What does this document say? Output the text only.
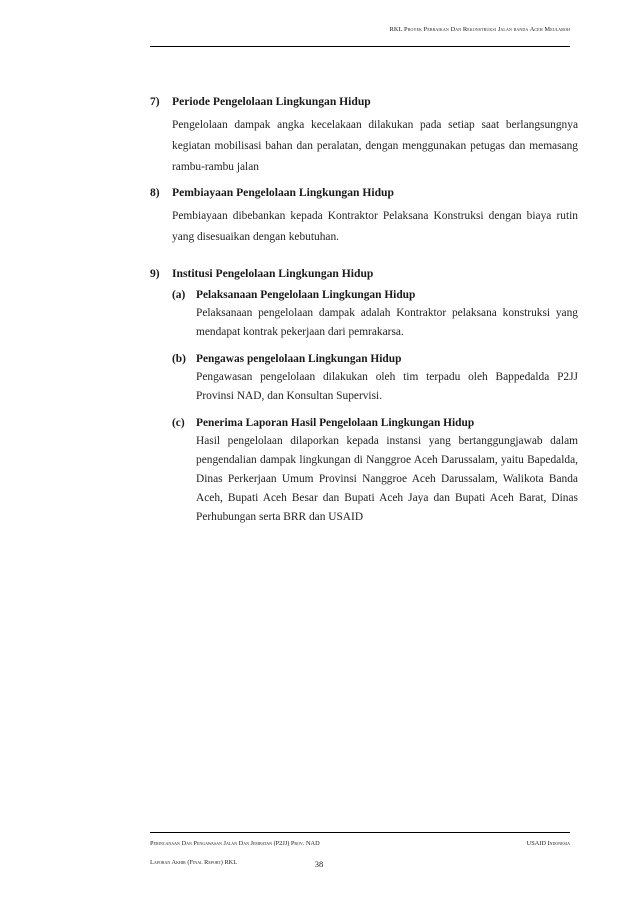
RKL Proyek Perbaikan Dan Rekonstruksi Jalan banda Aceh Meulaboh
7) Periode Pengelolaan Lingkungan Hidup
Pengelolaan dampak angka kecelakaan dilakukan pada setiap saat berlangsungnya kegiatan mobilisasi bahan dan peralatan, dengan menggunakan petugas dan memasang rambu-rambu jalan
8) Pembiayaan Pengelolaan Lingkungan Hidup
Pembiayaan dibebankan kepada Kontraktor Pelaksana Konstruksi dengan biaya rutin yang disesuaikan dengan kebutuhan.
9) Institusi Pengelolaan Lingkungan Hidup
(a) Pelaksanaan Pengelolaan Lingkungan Hidup
Pelaksanaan pengelolaan dampak adalah Kontraktor pelaksana konstruksi yang mendapat kontrak pekerjaan dari pemrakarsa.
(b) Pengawas pengelolaan Lingkungan Hidup
Pengawasan pengelolaan dilakukan oleh tim terpadu oleh Bappedalda P2JJ Provinsi NAD, dan Konsultan Supervisi.
(c) Penerima Laporan Hasil Pengelolaan Lingkungan Hidup
Hasil pengelolaan dilaporkan kepada instansi yang bertanggungjawab dalam pengendalian dampak lingkungan di Nanggroe Aceh Darussalam, yaitu Bapedalda, Dinas Perkerjaan Umum Provinsi Nanggroe Aceh Darussalam, Walikota Banda Aceh, Bupati Aceh Besar dan Bupati Aceh Jaya dan Bupati Aceh Barat, Dinas Perhubungan serta BRR dan USAID
Perincanaan Dan Pengawasan Jalan Dan Jembatan (P2JJ) Prov. NAD	USAID Indonesia
Laporan Akhir (Final Report) RKL	38
